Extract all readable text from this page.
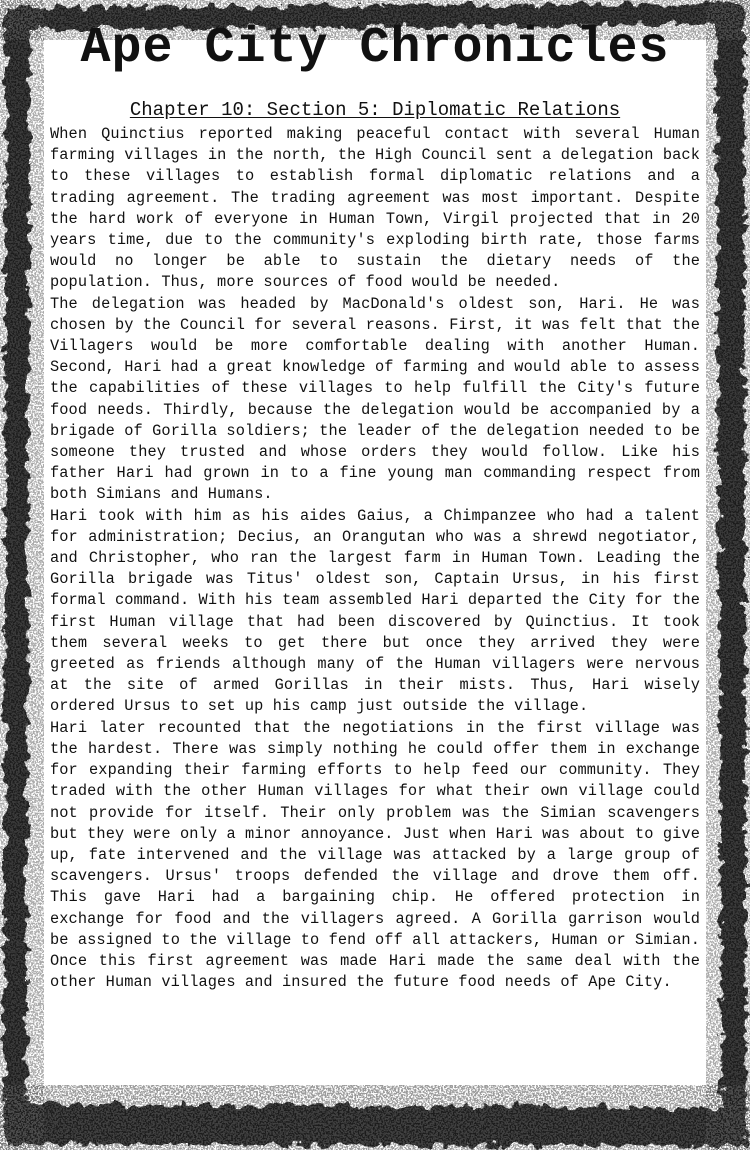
Ape City Chronicles
Chapter 10: Section 5: Diplomatic Relations

When Quinctius reported making peaceful contact with several Human farming villages in the north, the High Council sent a delegation back to these villages to establish formal diplomatic relations and a trading agreement. The trading agreement was most important. Despite the hard work of everyone in Human Town, Virgil projected that in 20 years time, due to the community's exploding birth rate, those farms would no longer be able to sustain the dietary needs of the population. Thus, more sources of food would be needed.

The delegation was headed by MacDonald's oldest son, Hari. He was chosen by the Council for several reasons. First, it was felt that the Villagers would be more comfortable dealing with another Human. Second, Hari had a great knowledge of farming and would able to assess the capabilities of these villages to help fulfill the City's future food needs. Thirdly, because the delegation would be accompanied by a brigade of Gorilla soldiers; the leader of the delegation needed to be someone they trusted and whose orders they would follow. Like his father Hari had grown in to a fine young man commanding respect from both Simians and Humans.

Hari took with him as his aides Gaius, a Chimpanzee who had a talent for administration; Decius, an Orangutan who was a shrewd negotiator, and Christopher, who ran the largest farm in Human Town. Leading the Gorilla brigade was Titus' oldest son, Captain Ursus, in his first formal command. With his team assembled Hari departed the City for the first Human village that had been discovered by Quinctius. It took them several weeks to get there but once they arrived they were greeted as friends although many of the Human villagers were nervous at the site of armed Gorillas in their mists. Thus, Hari wisely ordered Ursus to set up his camp just outside the village.

Hari later recounted that the negotiations in the first village was the hardest. There was simply nothing he could offer them in exchange for expanding their farming efforts to help feed our community. They traded with the other Human villages for what their own village could not provide for itself. Their only problem was the Simian scavengers but they were only a minor annoyance. Just when Hari was about to give up, fate intervened and the village was attacked by a large group of scavengers. Ursus' troops defended the village and drove them off. This gave Hari had a bargaining chip. He offered protection in exchange for food and the villagers agreed. A Gorilla garrison would be assigned to the village to fend off all attackers, Human or Simian. Once this first agreement was made Hari made the same deal with the other Human villages and insured the future food needs of Ape City.
